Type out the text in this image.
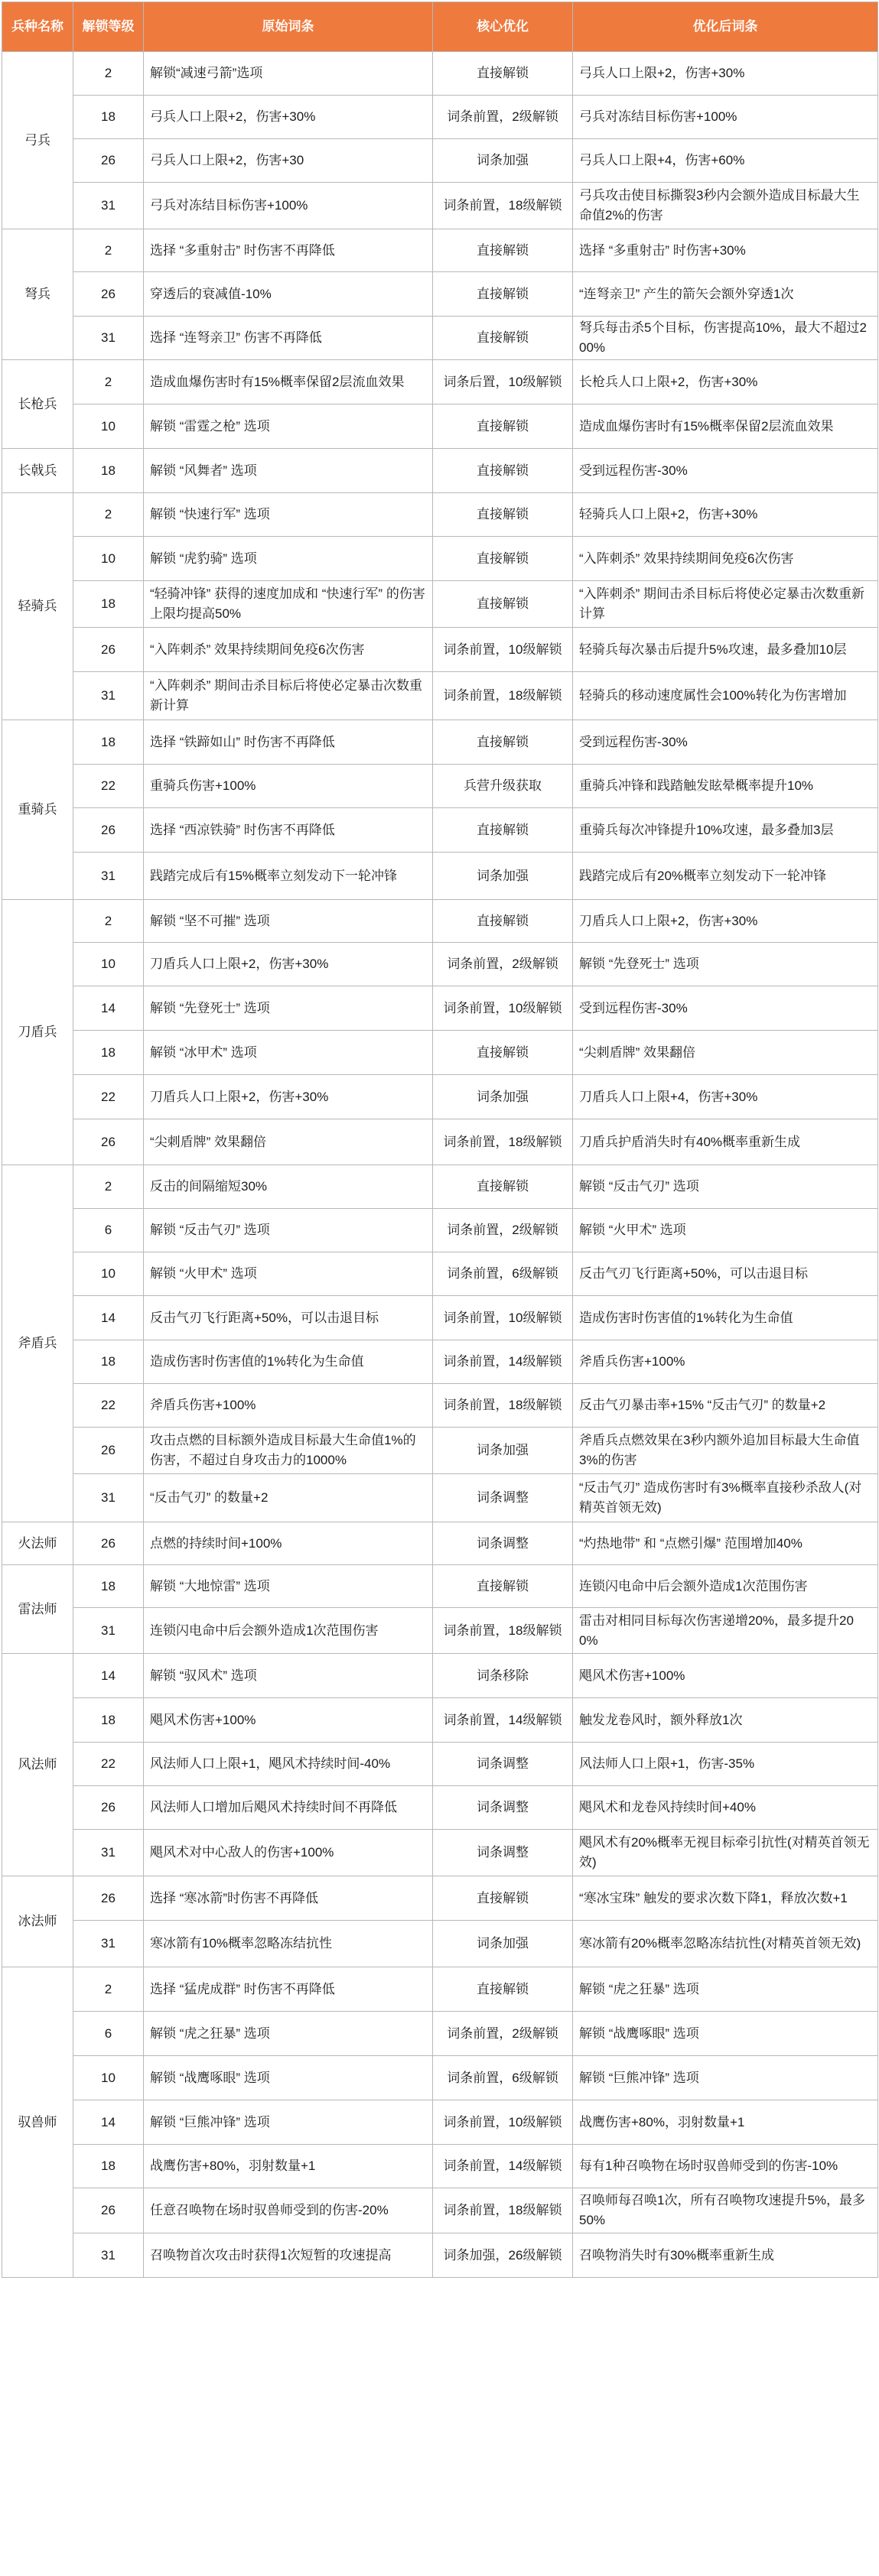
兵种名称	解锁等级	原始词条	核心优化	优化后词条
弓兵	2	解锁“减速弓箭”选项	直接解锁	弓兵人口上限+2，伤害+30%
	18	弓兵人口上限+2，伤害+30%	词条前置，2级解锁	弓兵对冻结目标伤害+100%
	26	弓兵人口上限+2，伤害+30	词条加强	弓兵人口上限+4，伤害+60%
	31	弓兵对冻结目标伤害+100%	词条前置，18级解锁	弓兵攻击使目标撕裂3秒内会额外造成目标最大生命值2%的伤害
弩兵	2	选择 “多重射击” 时伤害不再降低	直接解锁	选择 “多重射击” 时伤害+30%
	26	穿透后的衰减值-10%	直接解锁	“连弩亲卫” 产生的箭矢会额外穿透1次
	31	选择 “连弩亲卫” 伤害不再降低	直接解锁	弩兵每击杀5个目标，伤害提高10%，最大不超过200%
长枪兵	2	造成血爆伤害时有15%概率保留2层流血效果	词条后置，10级解锁	长枪兵人口上限+2，伤害+30%
	10	解锁 “雷霆之枪” 选项	直接解锁	造成血爆伤害时有15%概率保留2层流血效果
长戟兵	18	解锁 “风舞者” 选项	直接解锁	受到远程伤害-30%
轻骑兵	2	解锁 “快速行军” 选项	直接解锁	轻骑兵人口上限+2，伤害+30%
	10	解锁 “虎豹骑” 选项	直接解锁	“入阵刺杀” 效果持续期间免疫6次伤害
	18	“轻骑冲锋” 获得的速度加成和 “快速行军” 的伤害上限均提高50%	直接解锁	“入阵刺杀” 期间击杀目标后将使必定暴击次数重新计算
	26	“入阵刺杀” 效果持续期间免疫6次伤害	词条前置，10级解锁	轻骑兵每次暴击后提升5%攻速，最多叠加10层
	31	“入阵刺杀” 期间击杀目标后将使必定暴击次数重新计算	词条前置，18级解锁	轻骑兵的移动速度属性会100%转化为伤害增加
重骑兵	18	选择 “铁蹄如山” 时伤害不再降低	直接解锁	受到远程伤害-30%
	22	重骑兵伤害+100%	兵营升级获取	重骑兵冲锋和践踏触发眩晕概率提升10%
	26	选择 “西凉铁骑” 时伤害不再降低	直接解锁	重骑兵每次冲锋提升10%攻速，最多叠加3层
	31	践踏完成后有15%概率立刻发动下一轮冲锋	词条加强	践踏完成后有20%概率立刻发动下一轮冲锋
刀盾兵	2	解锁 “坚不可摧” 选项	直接解锁	刀盾兵人口上限+2，伤害+30%
	10	刀盾兵人口上限+2，伤害+30%	词条前置，2级解锁	解锁 “先登死士” 选项
	14	解锁 “先登死士” 选项	词条前置，10级解锁	受到远程伤害-30%
	18	解锁 “冰甲术” 选项	直接解锁	“尖刺盾牌” 效果翻倍
	22	刀盾兵人口上限+2，伤害+30%	词条加强	刀盾兵人口上限+4，伤害+30%
	26	“尖刺盾牌” 效果翻倍	词条前置，18级解锁	刀盾兵护盾消失时有40%概率重新生成
斧盾兵	2	反击的间隔缩短30%	直接解锁	解锁 “反击气刃” 选项
	6	解锁 “反击气刃” 选项	词条前置，2级解锁	解锁 “火甲术” 选项
	10	解锁 “火甲术” 选项	词条前置，6级解锁	反击气刃飞行距离+50%，可以击退目标
	14	反击气刃飞行距离+50%，可以击退目标	词条前置，10级解锁	造成伤害时伤害值的1%转化为生命值
	18	造成伤害时伤害值的1%转化为生命值	词条前置，14级解锁	斧盾兵伤害+100%
	22	斧盾兵伤害+100%	词条前置，18级解锁	反击气刃暴击率+15% “反击气刃” 的数量+2
	26	攻击点燃的目标额外造成目标最大生命值1%的伤害，不超过自身攻击力的1000%	词条加强	斧盾兵点燃效果在3秒内额外追加目标最大生命值3%的伤害
	31	“反击气刃” 的数量+2	词条调整	“反击气刃” 造成伤害时有3%概率直接秒杀敌人(对精英首领无效)
火法师	26	点燃的持续时间+100%	词条调整	“灼热地带” 和 “点燃引爆” 范围增加40%
雷法师	18	解锁 “大地惊雷” 选项	直接解锁	连锁闪电命中后会额外造成1次范围伤害
	31	连锁闪电命中后会额外造成1次范围伤害	词条前置，18级解锁	雷击对相同目标每次伤害递增20%，最多提升200%
风法师	14	解锁 “驭风术” 选项	词条移除	飓风术伤害+100%
	18	飓风术伤害+100%	词条前置，14级解锁	触发龙卷风时，额外释放1次
	22	风法师人口上限+1，飓风术持续时间-40%	词条调整	风法师人口上限+1，伤害-35%
	26	风法师人口增加后飓风术持续时间不再降低	词条调整	飓风术和龙卷风持续时间+40%
	31	飓风术对中心敌人的伤害+100%	词条调整	飓风术有20%概率无视目标牵引抗性(对精英首领无效)
冰法师	26	选择 “寒冰箭”时伤害不再降低	直接解锁	“寒冰宝珠” 触发的要求次数下降1，释放次数+1
	31	寒冰箭有10%概率忽略冻结抗性	词条加强	寒冰箭有20%概率忽略冻结抗性(对精英首领无效)
驭兽师	2	选择 “猛虎成群” 时伤害不再降低	直接解锁	解锁 “虎之狂暴” 选项
	6	解锁 “虎之狂暴” 选项	词条前置，2级解锁	解锁 “战鹰啄眼” 选项
	10	解锁 “战鹰啄眼” 选项	词条前置，6级解锁	解锁 “巨熊冲锋” 选项
	14	解锁 “巨熊冲锋” 选项	词条前置，10级解锁	战鹰伤害+80%，羽射数量+1
	18	战鹰伤害+80%，羽射数量+1	词条前置，14级解锁	每有1种召唤物在场时驭兽师受到的伤害-10%
	26	任意召唤物在场时驭兽师受到的伤害-20%	词条前置，18级解锁	召唤师每召唤1次，所有召唤物攻速提升5%，最多50%
	31	召唤物首次攻击时获得1次短暂的攻速提高	词条加强，26级解锁	召唤物消失时有30%概率重新生成
